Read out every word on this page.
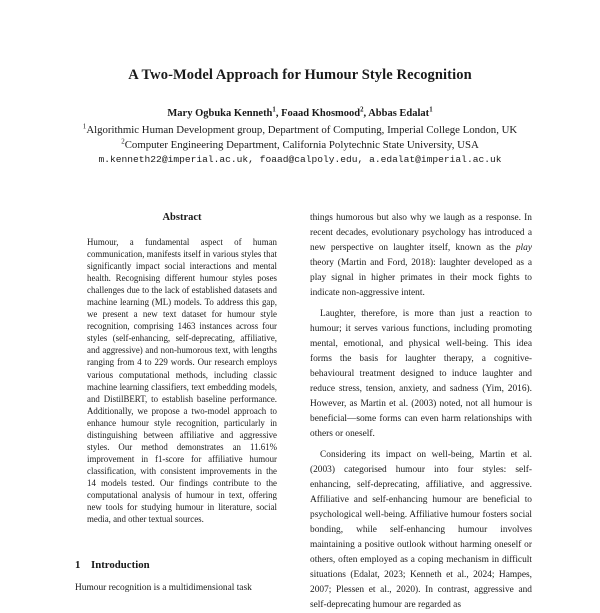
A Two-Model Approach for Humour Style Recognition
Mary Ogbuka Kenneth$^1$, Foaad Khosmood$^2$, Abbas Edalat$^1$
$^1$Algorithmic Human Development group, Department of Computing, Imperial College London, UK
$^2$Computer Engineering Department, California Polytechnic State University, USA
m.kenneth22@imperial.ac.uk, foaad@calpoly.edu, a.edalat@imperial.ac.uk
Abstract
Humour, a fundamental aspect of human communication, manifests itself in various styles that significantly impact social interactions and mental health. Recognising different humour styles poses challenges due to the lack of established datasets and machine learning (ML) models. To address this gap, we present a new text dataset for humour style recognition, comprising 1463 instances across four styles (self-enhancing, self-deprecating, affiliative, and aggressive) and non-humorous text, with lengths ranging from 4 to 229 words. Our research employs various computational methods, including classic machine learning classifiers, text embedding models, and DistilBERT, to establish baseline performance. Additionally, we propose a two-model approach to enhance humour style recognition, particularly in distinguishing between affiliative and aggressive styles. Our method demonstrates an 11.61% improvement in f1-score for affiliative humour classification, with consistent improvements in the 14 models tested. Our findings contribute to the computational analysis of humour in text, offering new tools for studying humour in literature, social media, and other textual sources.
1 Introduction
Humour recognition is a multidimensional task

things humorous but also why we laugh as a response. In recent decades, evolutionary psychology has introduced a new perspective on laughter itself, known as the play theory (Martin and Ford, 2018): laughter developed as a play signal in higher primates in their mock fights to indicate non-aggressive intent.

Laughter, therefore, is more than just a reaction to humour; it serves various functions, including promoting mental, emotional, and physical well-being. This idea forms the basis for laughter therapy, a cognitive-behavioural treatment designed to induce laughter and reduce stress, tension, anxiety, and sadness (Yim, 2016). However, as Martin et al. (2003) noted, not all humour is beneficial—some forms can even harm relationships with others or oneself.

Considering its impact on well-being, Martin et al. (2003) categorised humour into four styles: self-enhancing, self-deprecating, affiliative, and aggressive. Affiliative and self-enhancing humour are beneficial to psychological well-being. Affiliative humour fosters social bonding, while self-enhancing humour involves maintaining a positive outlook without harming oneself or others, often employed as a coping mechanism in difficult situations (Edalat, 2023; Kenneth et al., 2024; Hampes, 2007; Plessen et al., 2020). In contrast, aggressive and self-deprecating humour are regarded as
